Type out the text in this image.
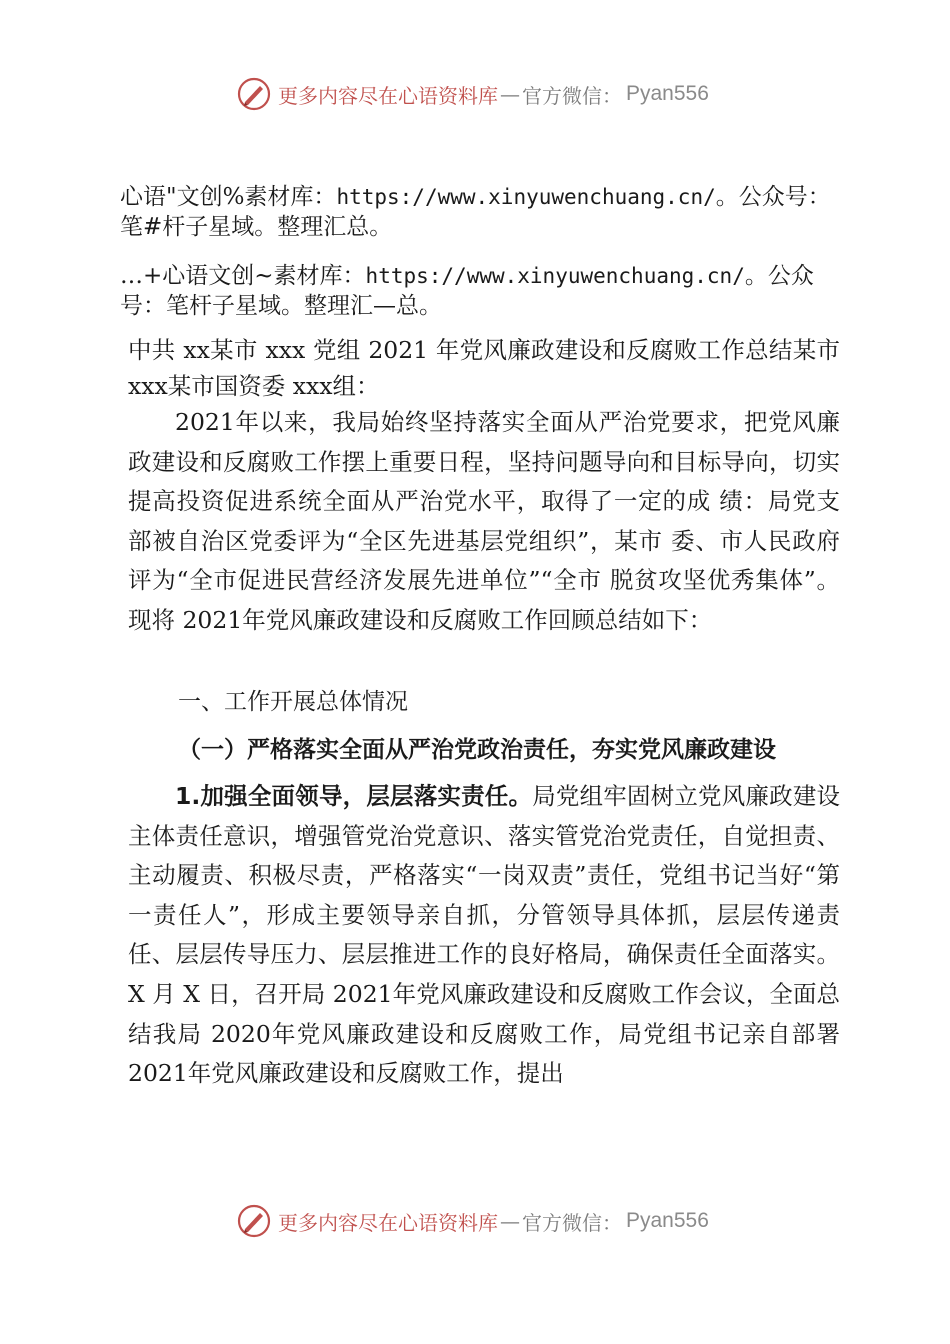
更多内容尽在心语资料库 — 官方微信： Pyan556
心语"文创%素材库：https://www.xinyuwenchuang.cn/。公众号：
笔#杆子星域。整理汇总。
…+心语文创~素材库：https://www.xinyuwenchuang.cn/。公众
号：笔杆子星域。整理汇—总。

中共 xx某市 xxx 党组 2021 年党风廉政建设和反腐败工作总结某市 xxx某市国资委 xxx组：

2021年以来，我局始终坚持落实全面从严治党要求，把党风廉政建设和反腐败工作摆上重要日程，坚持问题导向和目标导向，切实提高投资促进系统全面从严治党水平，取得了一定的成 绩：局党支部被自治区党委评为“全区先进基层党组织”，某市 委、市人民政府评为“全市促进民营经济发展先进单位”“全市 脱贫攻坚优秀集体”。现将 2021年党风廉政建设和反腐败工作回顾总结如下：

一、工作开展总体情况
（一）严格落实全面从严治党政治责任，夯实党风廉政建设

1.加强全面领导，层层落实责任。局党组牢固树立党风廉政建设主体责任意识，增强管党治党意识、落实管党治党责任，自觉担责、主动履责、积极尽责，严格落实“一岗双责”责任，党组书记当好“第一责任人”，形成主要领导亲自抓，分管领导具体抓，层层传递责任、层层传导压力、层层推进工作的良好格局，确保责任全面落实。X 月 X 日，召开局 2021年党风廉政建设和反腐败工作会议，全面总结我局 2020年党风廉政建设和反腐败工作，局党组书记亲自部署 2021年党风廉政建设和反腐败工作，提出

更多内容尽在心语资料库 — 官方微信： Pyan556
